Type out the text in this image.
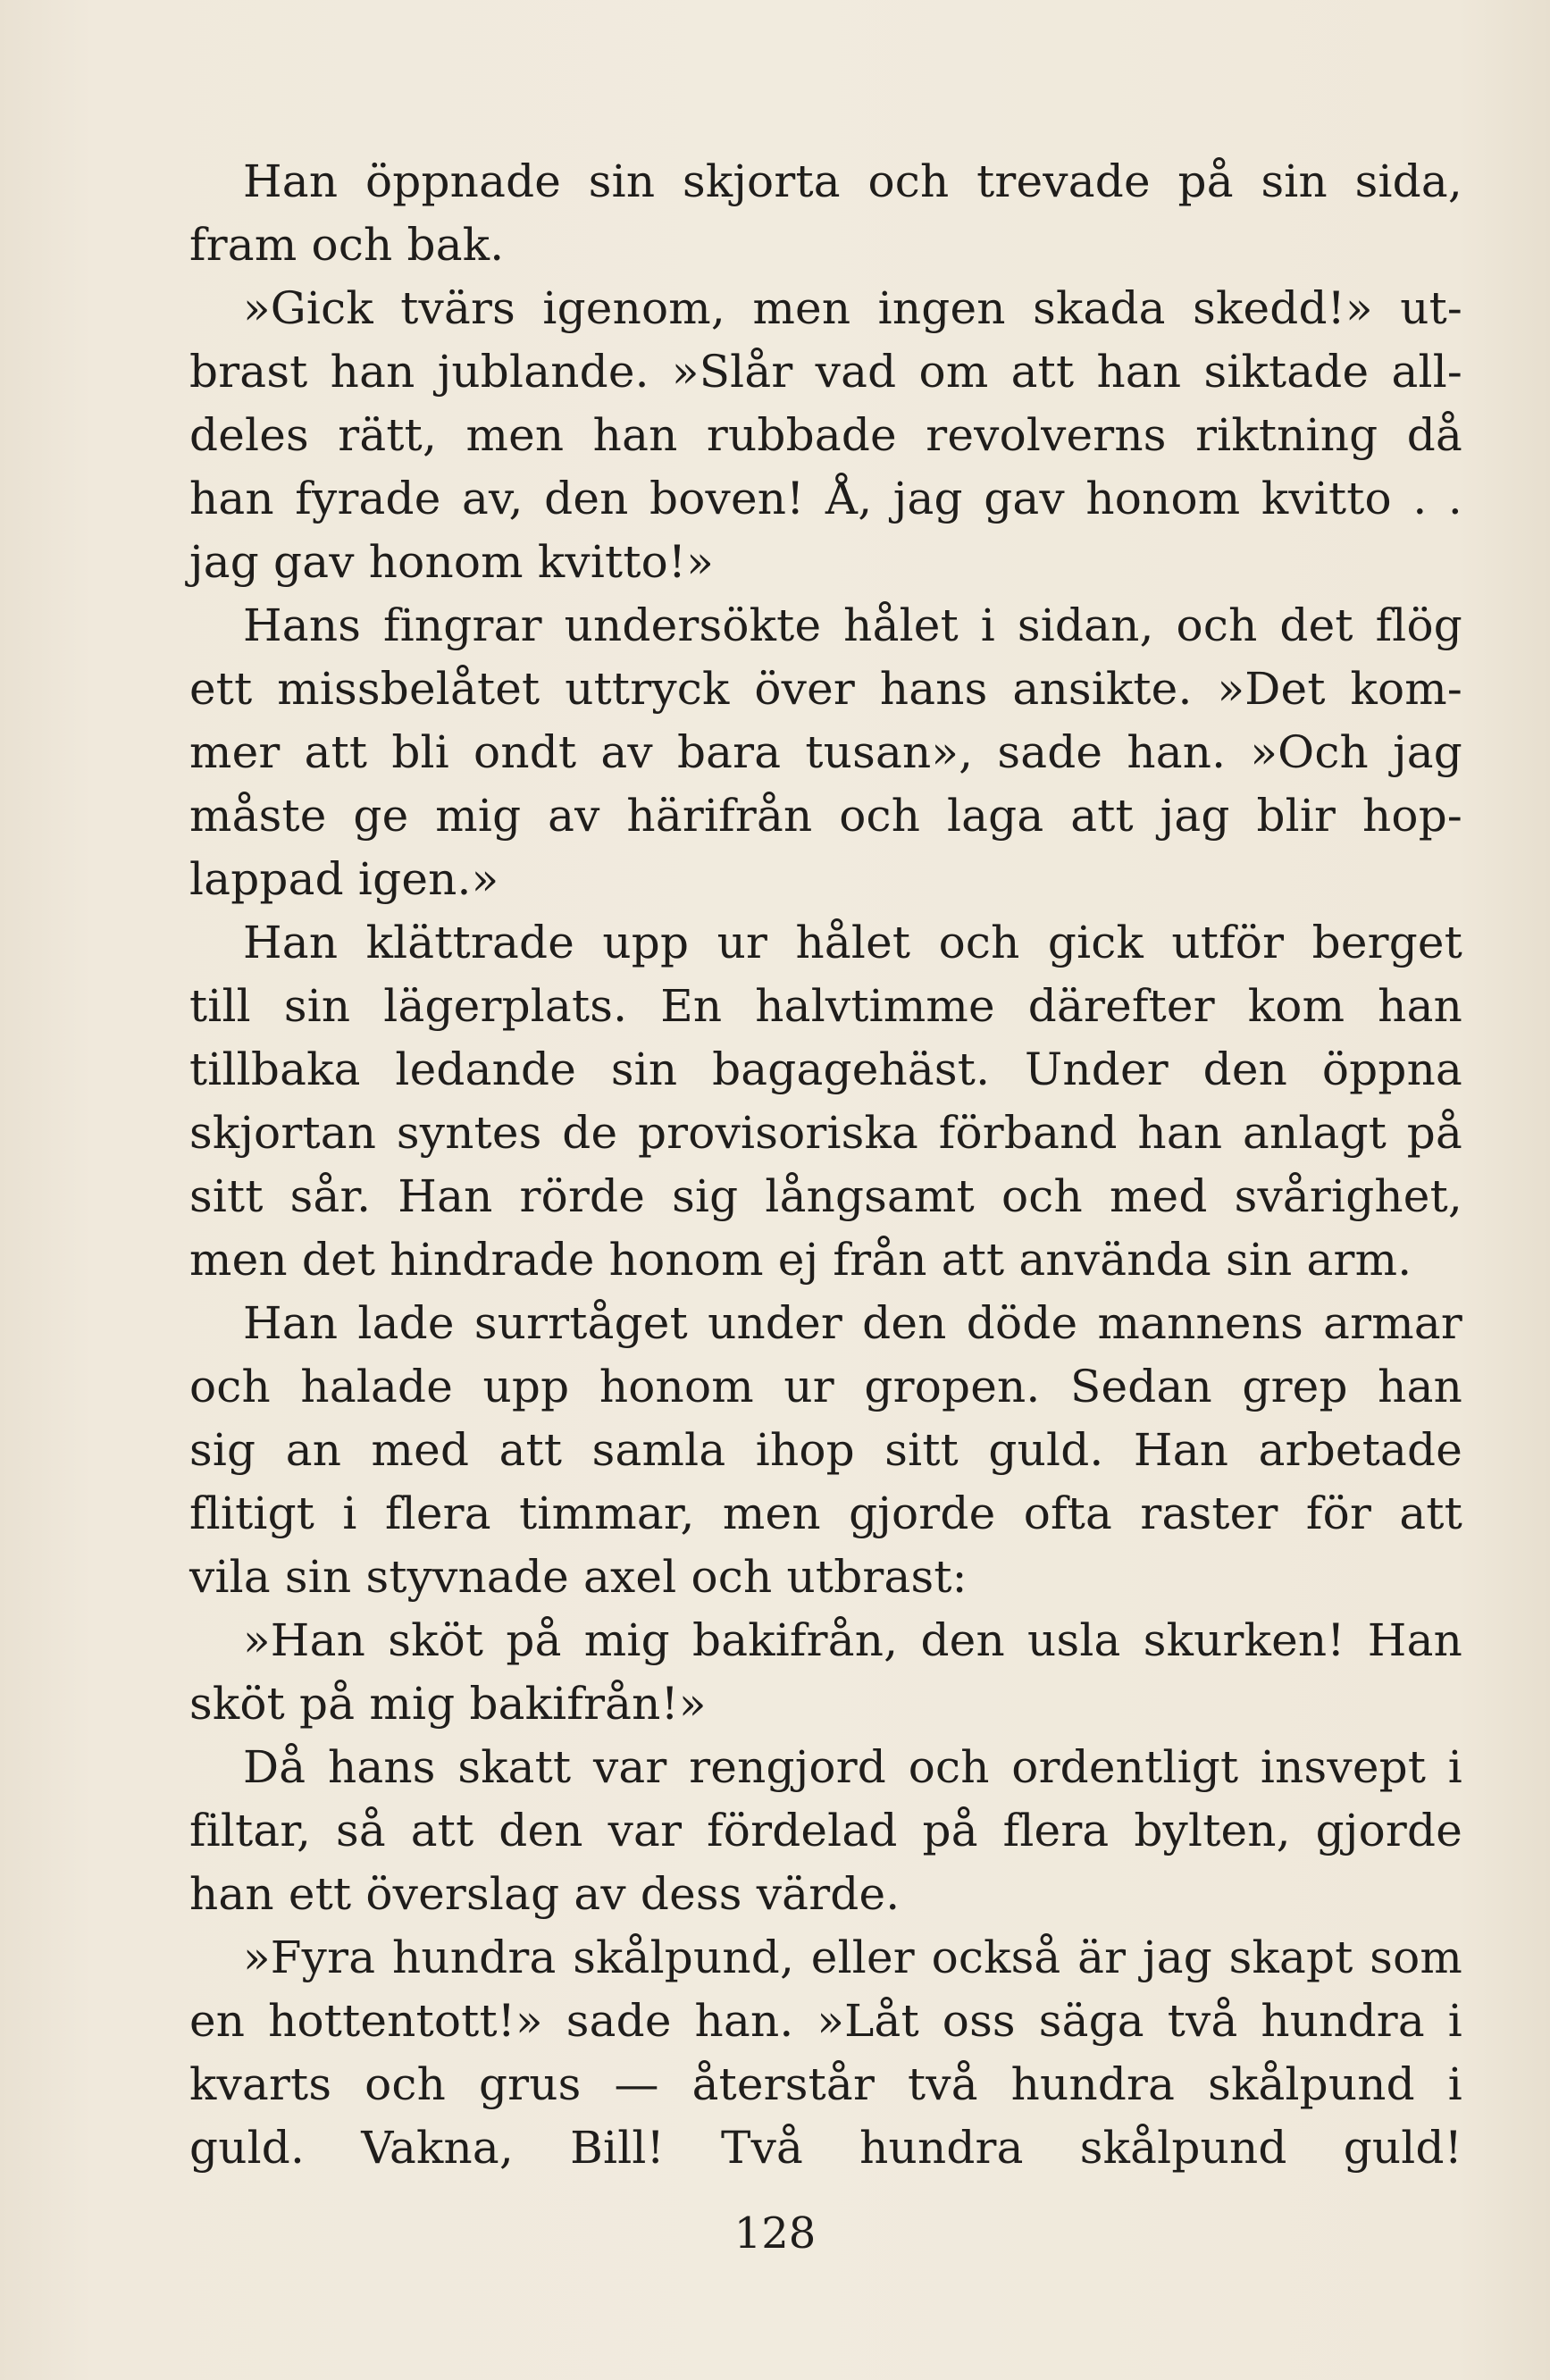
Han öppnade sin skjorta och trevade på sin sida,
fram och bak.
»Gick tvärs igenom, men ingen skada skedd!» ut-
brast han jublande. »Slår vad om att han siktade all-
deles rätt, men han rubbade revolverns riktning då
han fyrade av, den boven! Å, jag gav honom kvitto . .
jag gav honom kvitto!»
Hans fingrar undersökte hålet i sidan, och det flög
ett missbelåtet uttryck över hans ansikte. »Det kom-
mer att bli ondt av bara tusan», sade han. »Och jag
måste ge mig av härifrån och laga att jag blir hop-
lappad igen.»
Han klättrade upp ur hålet och gick utför berget
till sin lägerplats. En halvtimme därefter kom han
tillbaka ledande sin bagagehäst. Under den öppna
skjortan syntes de provisoriska förband han anlagt på
sitt sår. Han rörde sig långsamt och med svårighet,
men det hindrade honom ej från att använda sin arm.
Han lade surrtåget under den döde mannens armar
och halade upp honom ur gropen. Sedan grep han
sig an med att samla ihop sitt guld. Han arbetade
flitigt i flera timmar, men gjorde ofta raster för att
vila sin styvnade axel och utbrast:
»Han sköt på mig bakifrån, den usla skurken! Han
sköt på mig bakifrån!»
Då hans skatt var rengjord och ordentligt insvept i
filtar, så att den var fördelad på flera bylten, gjorde
han ett överslag av dess värde.
»Fyra hundra skålpund, eller också är jag skapt som
en hottentott!» sade han. »Låt oss säga två hundra i
kvarts och grus — återstår två hundra skålpund i
guld. Vakna, Bill! Två hundra skålpund guld!
128
